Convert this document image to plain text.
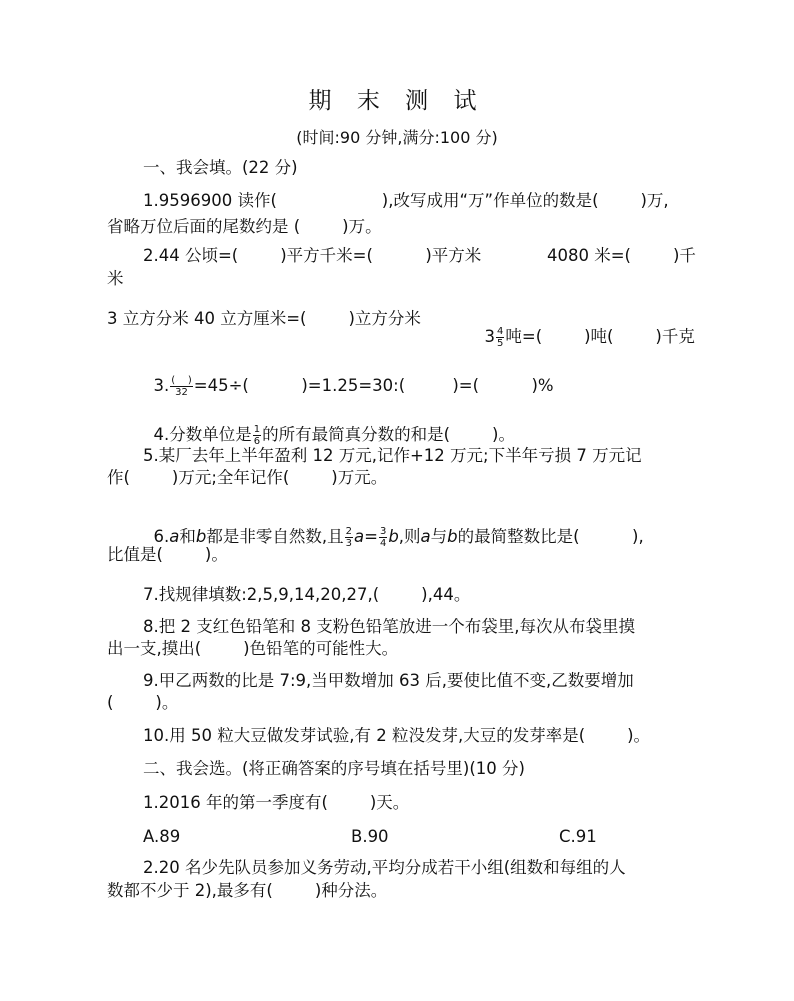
期 末 测 试
(时间:90 分钟,满分:100 分)
一、我会填。(22 分)
1.9596900 读作(                    ),改写成用“万”作单位的数是(        )万,
省略万位后面的尾数约是 (        )万。
2.44 公顷=(        )平方千米=(          )平方米	4080 米=(        )千
米
3 立方分米 40 立方厘米=(        )立方分米

$3 \frac{4}{5}$ 吨=(        )吨(        )千克

3. $\frac{( )}{32} =45\div$(          )=1.25=30:(         )=(          )%

4.分数单位是 $\frac{1}{6}$ 的所有最简真分数的和是(        )。

5.某厂去年上半年盈利 12 万元,记作+12 万元;下半年亏损 7 万元记
作(        )万元;全年记作(        )万元。

6.a和b都是非零自然数,且 $\frac{2}{3} a= \frac{3}{4} b$,则a与b的最简整数比是(          ),

比值是(        )。
7.找规律填数:2,5,9,14,20,27,(        ),44。
8.把 2 支红色铅笔和 8 支粉色铅笔放进一个布袋里,每次从布袋里摸
出一支,摸出(        )色铅笔的可能性大。
9.甲乙两数的比是 7:9,当甲数增加 63 后,要使比值不变,乙数要增加
(        )。
10.用 50 粒大豆做发芽试验,有 2 粒没发芽,大豆的发芽率是(        )。
二、我会选。(将正确答案的序号填在括号里)(10 分)
1.2016 年的第一季度有(        )天。
A.89	B.90	C.91
2.20 名少先队员参加义务劳动,平均分成若干小组(组数和每组的人
数都不少于 2),最多有(        )种分法。
